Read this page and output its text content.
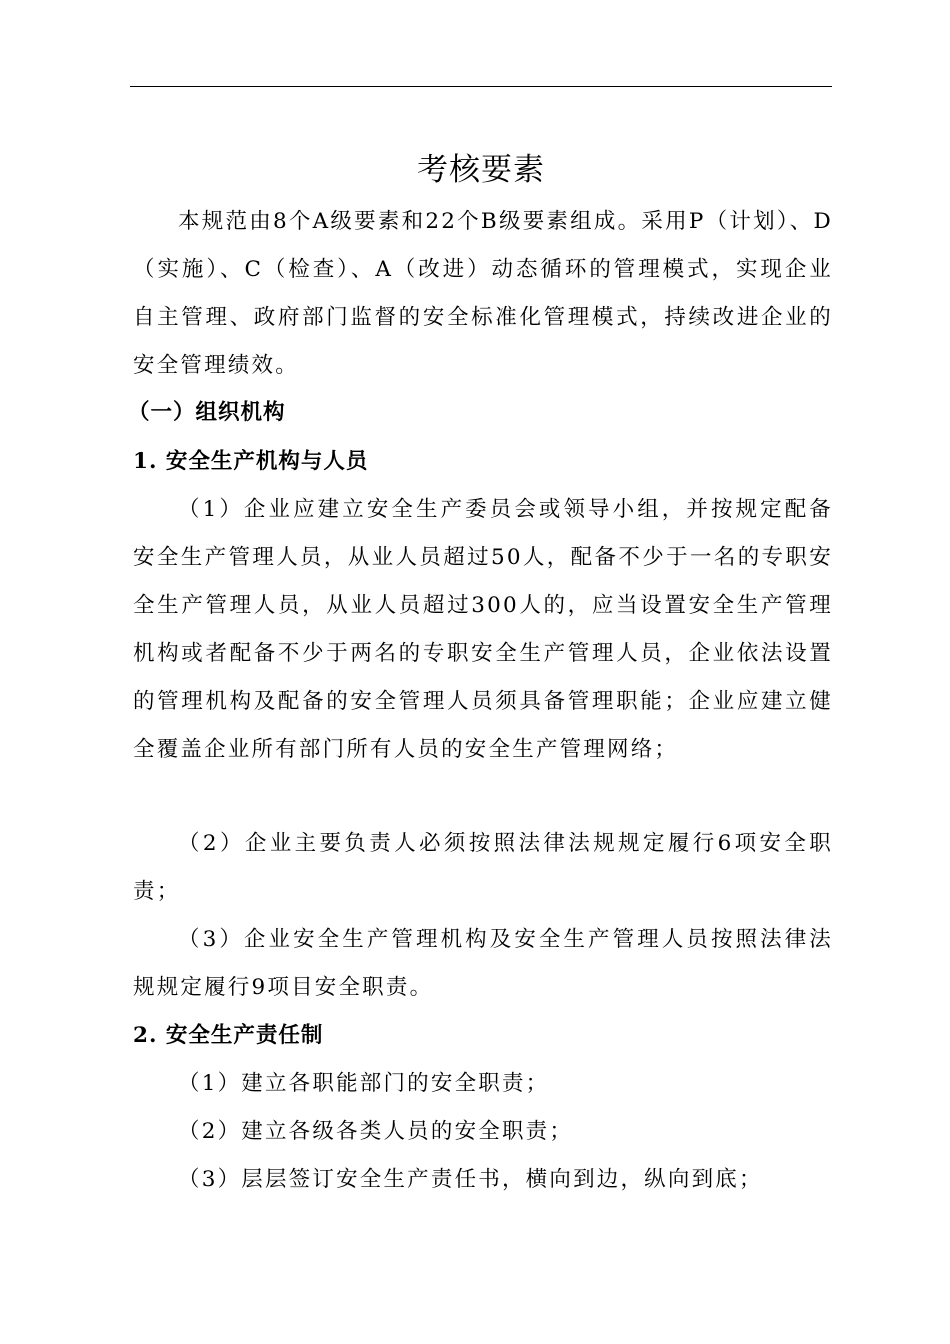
考核要素
本规范由8个A级要素和22个B级要素组成。采用P（计划）、D（实施）、C（检查）、A（改进）动态循环的管理模式，实现企业自主管理、政府部门监督的安全标准化管理模式，持续改进企业的安全管理绩效。
（一）组织机构
1. 安全生产机构与人员
（1）企业应建立安全生产委员会或领导小组，并按规定配备安全生产管理人员，从业人员超过50人，配备不少于一名的专职安全生产管理人员，从业人员超过300人的，应当设置安全生产管理机构或者配备不少于两名的专职安全生产管理人员，企业依法设置的管理机构及配备的安全管理人员须具备管理职能；企业应建立健全覆盖企业所有部门所有人员的安全生产管理网络；
（2）企业主要负责人必须按照法律法规规定履行6项安全职责；
（3）企业安全生产管理机构及安全生产管理人员按照法律法规规定履行9项目安全职责。
2. 安全生产责任制
（1）建立各职能部门的安全职责；
（2）建立各级各类人员的安全职责；
（3）层层签订安全生产责任书，横向到边，纵向到底；
